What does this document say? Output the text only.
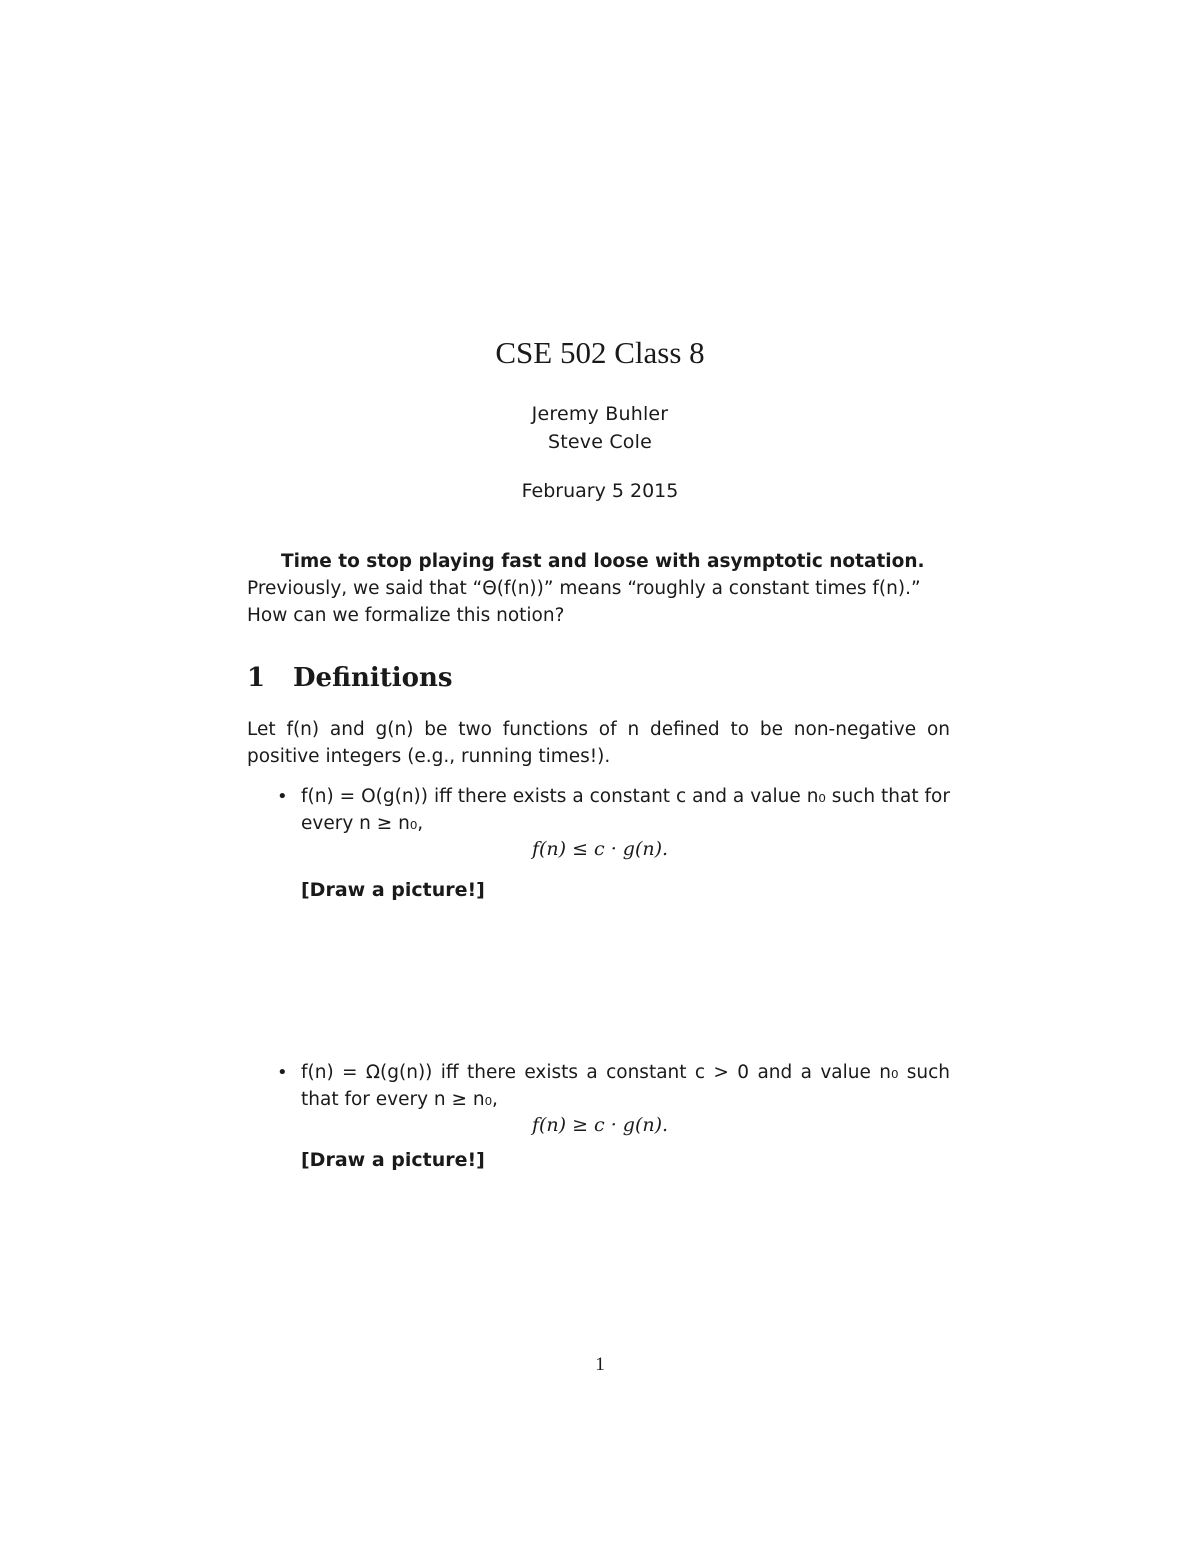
CSE 502 Class 8
Jeremy Buhler
Steve Cole
February 5 2015
Time to stop playing fast and loose with asymptotic notation.
Previously, we said that “Θ(f(n))” means “roughly a constant times f(n).”
How can we formalize this notion?
1 Definitions
Let f(n) and g(n) be two functions of n defined to be non-negative on positive integers (e.g., running times!).
• f(n) = O(g(n)) iff there exists a constant c and a value n₀ such that for every n ≥ n₀,
f(n) ≤ c · g(n).
[Draw a picture!]
• f(n) = Ω(g(n)) iff there exists a constant c > 0 and a value n₀ such that for every n ≥ n₀,
f(n) ≥ c · g(n).
[Draw a picture!]
1
